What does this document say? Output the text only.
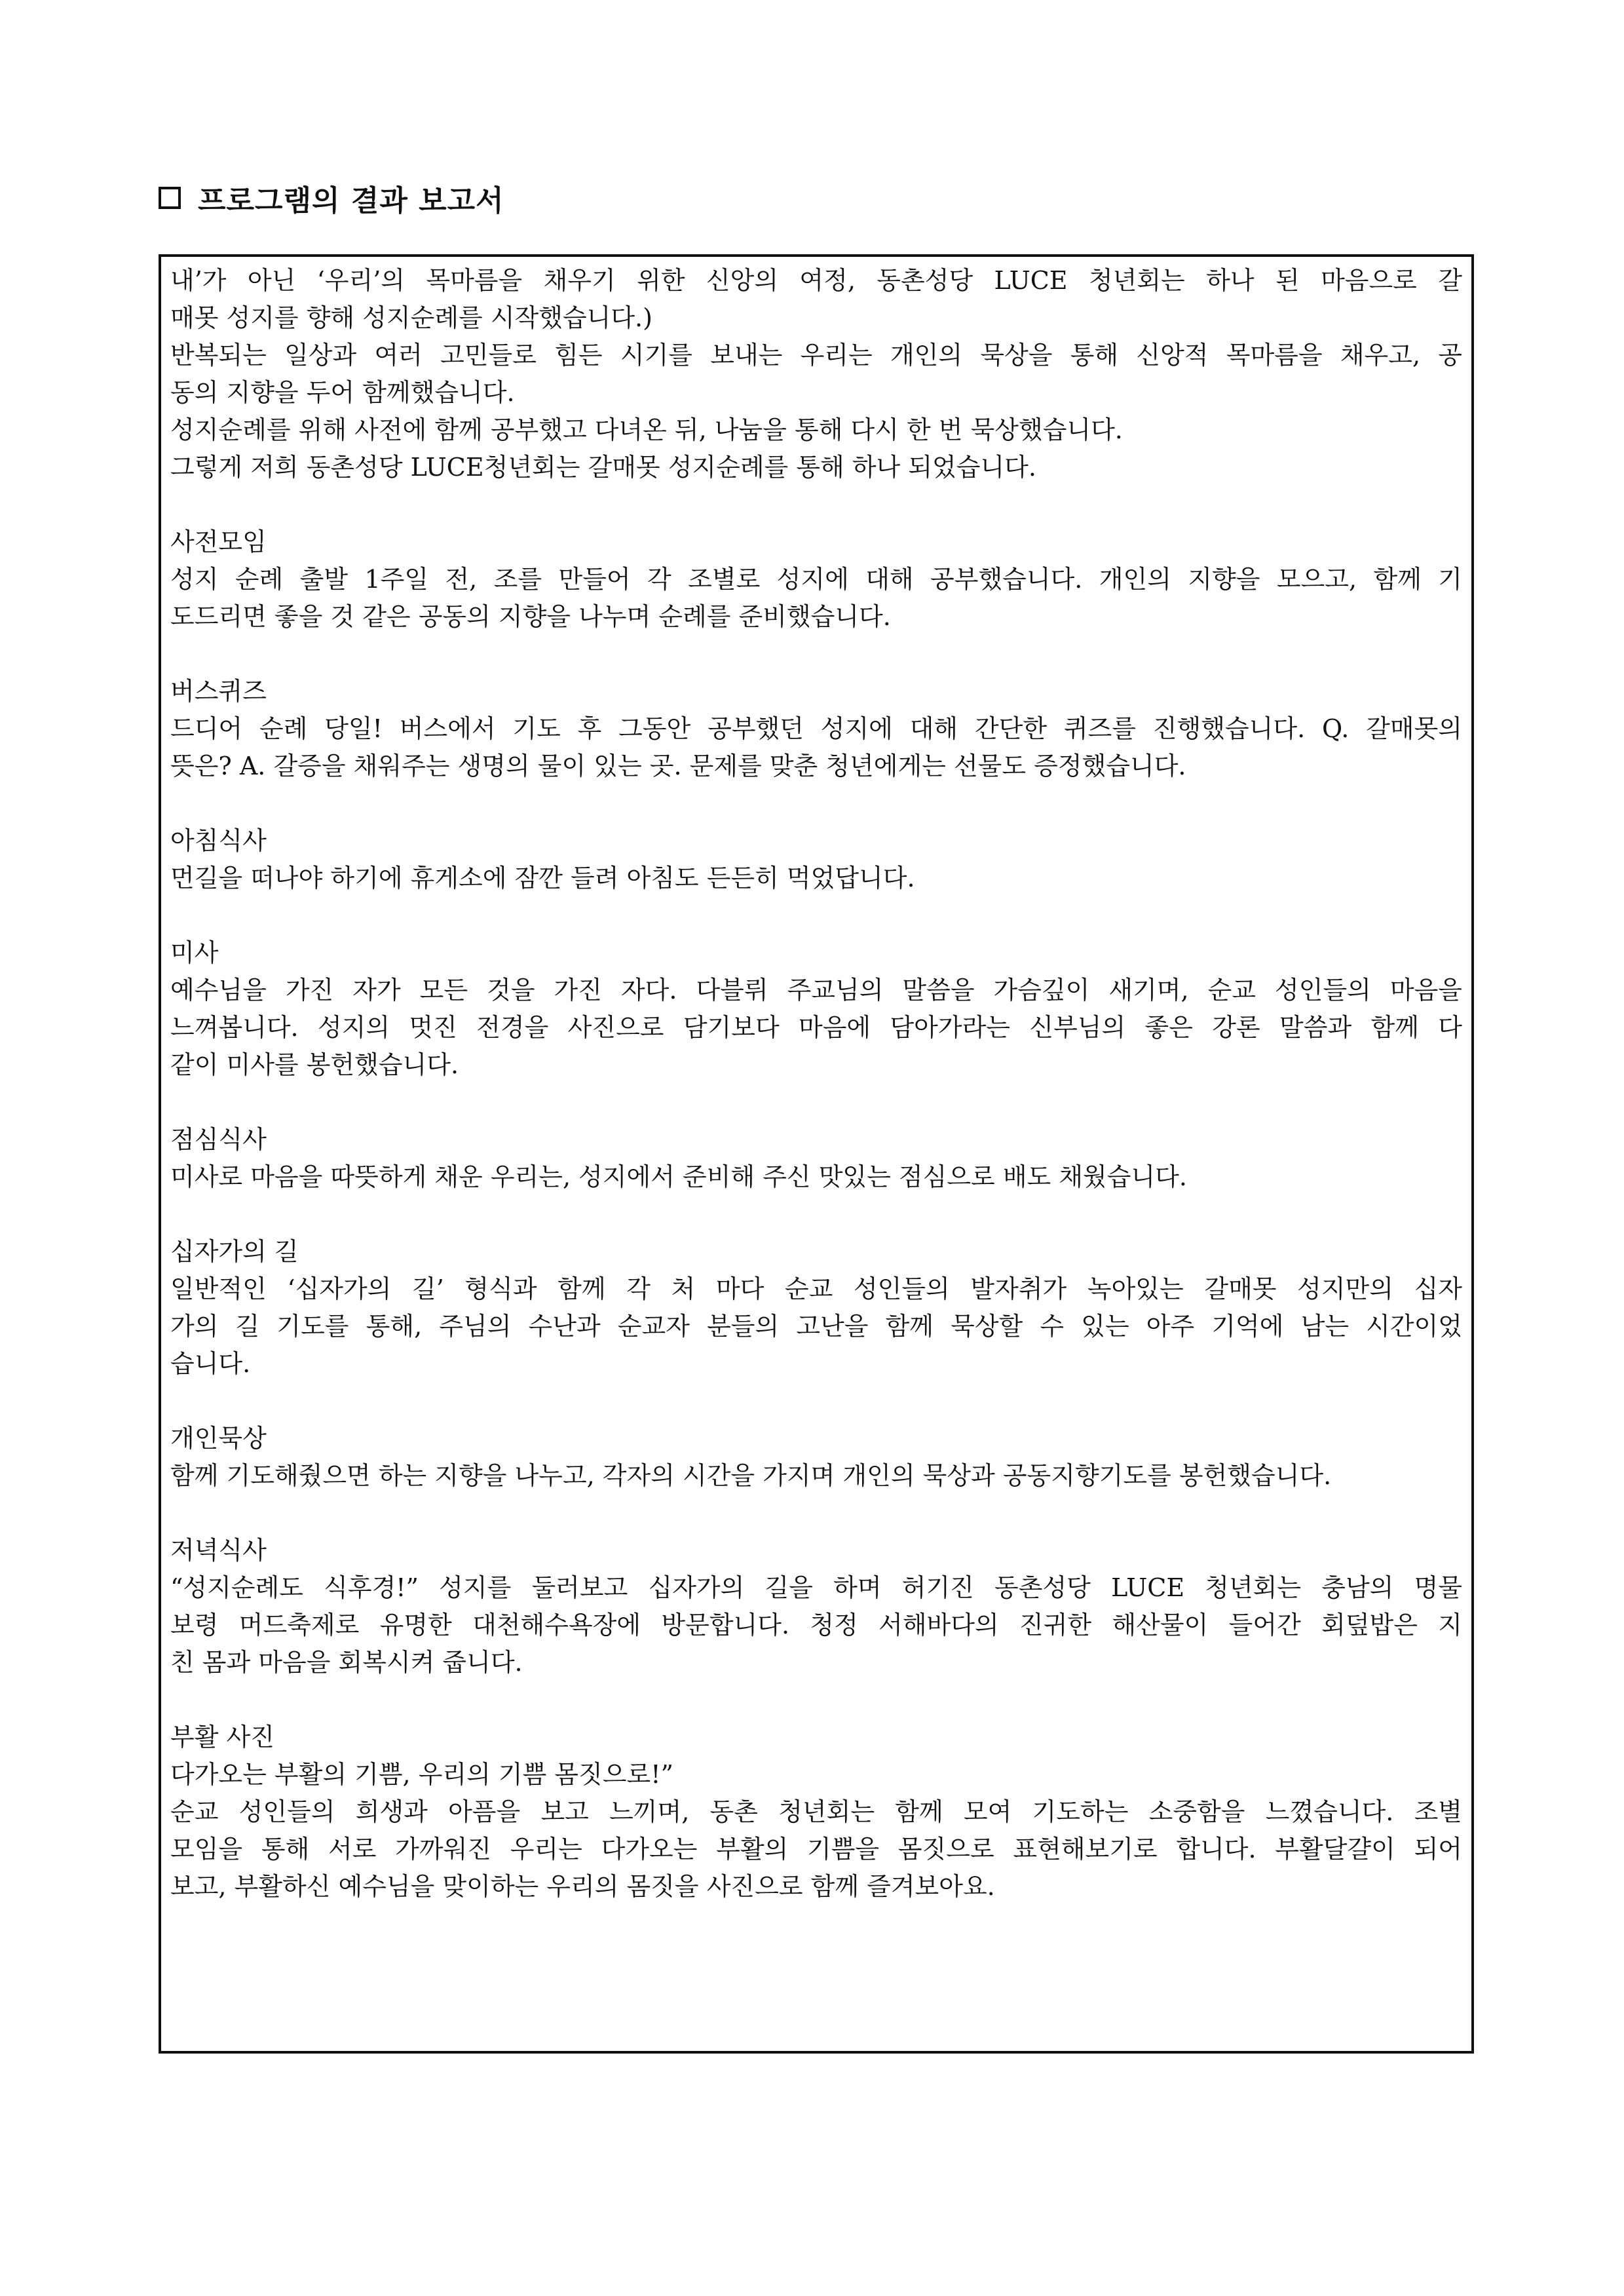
프로그램의 결과 보고서
내’가 아닌 ‘우리’의 목마름을 채우기 위한 신앙의 여정, 동촌성당 LUCE 청년회는 하나 된 마음으로 갈
매못 성지를 향해 성지순례를 시작했습니다.)
반복되는 일상과 여러 고민들로 힘든 시기를 보내는 우리는 개인의 묵상을 통해 신앙적 목마름을 채우고, 공
동의 지향을 두어 함께했습니다.
성지순례를 위해 사전에 함께 공부했고 다녀온 뒤, 나눔을 통해 다시 한 번 묵상했습니다.
그렇게 저희 동촌성당 LUCE청년회는 갈매못 성지순례를 통해 하나 되었습니다.
사전모임
성지 순례 출발 1주일 전, 조를 만들어 각 조별로 성지에 대해 공부했습니다. 개인의 지향을 모으고, 함께 기
도드리면 좋을 것 같은 공동의 지향을 나누며 순례를 준비했습니다.
버스퀴즈
드디어 순례 당일! 버스에서 기도 후 그동안 공부했던 성지에 대해 간단한 퀴즈를 진행했습니다. Q. 갈매못의
뜻은? A. 갈증을 채워주는 생명의 물이 있는 곳. 문제를 맞춘 청년에게는 선물도 증정했습니다.
아침식사
먼길을 떠나야 하기에 휴게소에 잠깐 들려 아침도 든든히 먹었답니다.
미사
예수님을 가진 자가 모든 것을 가진 자다. 다블뤼 주교님의 말씀을 가슴깊이 새기며, 순교 성인들의 마음을
느껴봅니다. 성지의 멋진 전경을 사진으로 담기보다 마음에 담아가라는 신부님의 좋은 강론 말씀과 함께 다
같이 미사를 봉헌했습니다.
점심식사
미사로 마음을 따뜻하게 채운 우리는, 성지에서 준비해 주신 맛있는 점심으로 배도 채웠습니다.
십자가의 길
일반적인 ‘십자가의 길’ 형식과 함께 각 처 마다 순교 성인들의 발자취가 녹아있는 갈매못 성지만의 십자
가의 길 기도를 통해, 주님의 수난과 순교자 분들의 고난을 함께 묵상할 수 있는 아주 기억에 남는 시간이었
습니다.
개인묵상
함께 기도해줬으면 하는 지향을 나누고, 각자의 시간을 가지며 개인의 묵상과 공동지향기도를 봉헌했습니다.
저녁식사
“성지순례도 식후경!” 성지를 둘러보고 십자가의 길을 하며 허기진 동촌성당 LUCE 청년회는 충남의 명물
보령 머드축제로 유명한 대천해수욕장에 방문합니다. 청정 서해바다의 진귀한 해산물이 들어간 회덮밥은 지
친 몸과 마음을 회복시켜 줍니다.
부활 사진
다가오는 부활의 기쁨, 우리의 기쁨 몸짓으로!”
순교 성인들의 희생과 아픔을 보고 느끼며, 동촌 청년회는 함께 모여 기도하는 소중함을 느꼈습니다. 조별
모임을 통해 서로 가까워진 우리는 다가오는 부활의 기쁨을 몸짓으로 표현해보기로 합니다. 부활달걀이 되어
보고, 부활하신 예수님을 맞이하는 우리의 몸짓을 사진으로 함께 즐겨보아요.
